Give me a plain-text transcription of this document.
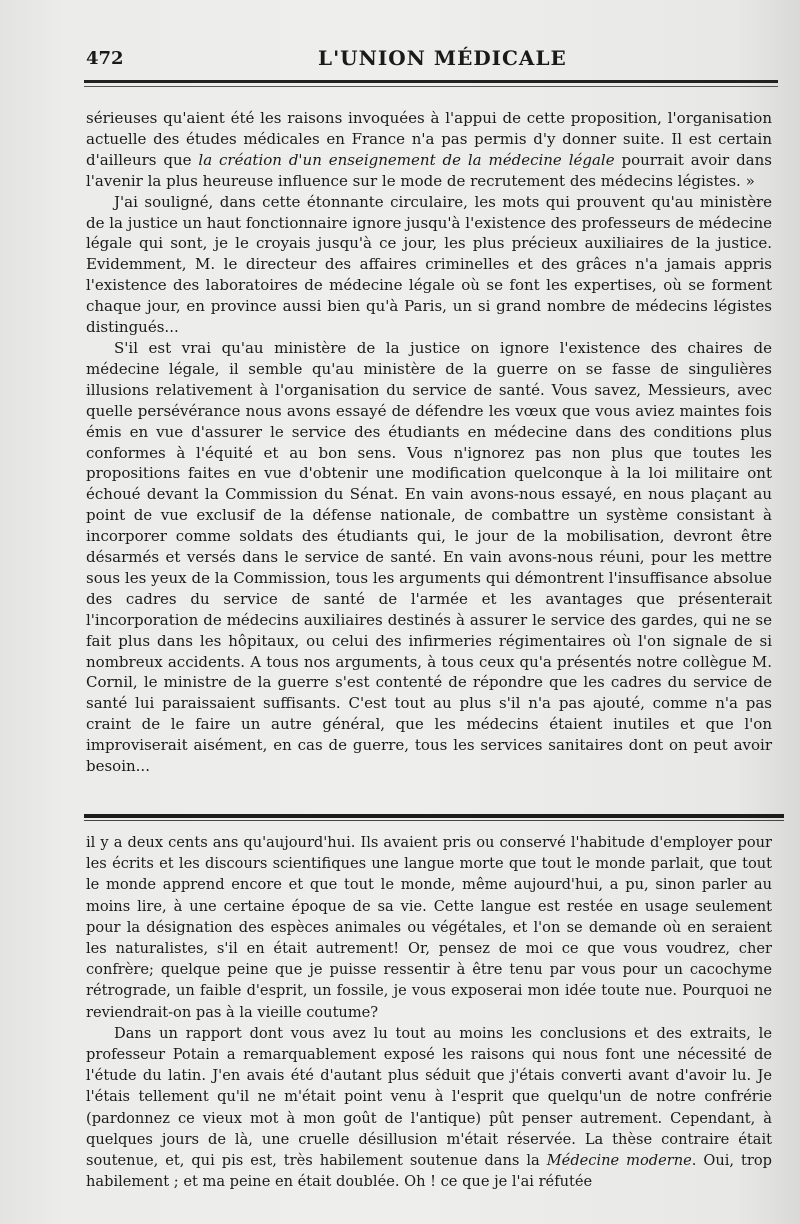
472	L'UNION MÉDICALE

sérieuses qu'aient été les raisons invoquées à l'appui de cette proposition, l'organisation actuelle des études médicales en France n'a pas permis d'y donner suite. Il est certain d'ailleurs que la création d'un enseignement de la médecine légale pourrait avoir dans l'avenir la plus heureuse influence sur le mode de recrutement des médecins légistes. »

J'ai souligné, dans cette étonnante circulaire, les mots qui prouvent qu'au ministère de la justice un haut fonctionnaire ignore jusqu'à l'existence des professeurs de médecine légale qui sont, je le croyais jusqu'à ce jour, les plus précieux auxiliaires de la justice. Evidemment, M. le directeur des affaires criminelles et des grâces n'a jamais appris l'existence des laboratoires de médecine légale où se font les expertises, où se forment chaque jour, en province aussi bien qu'à Paris, un si grand nombre de médecins légistes distingués...

S'il est vrai qu'au ministère de la justice on ignore l'existence des chaires de médecine légale, il semble qu'au ministère de la guerre on se fasse de singulières illusions relativement à l'organisation du service de santé. Vous savez, Messieurs, avec quelle persévérance nous avons essayé de défendre les vœux que vous aviez maintes fois émis en vue d'assurer le service des étudiants en médecine dans des conditions plus conformes à l'équité et au bon sens. Vous n'ignorez pas non plus que toutes les propositions faites en vue d'obtenir une modification quelconque à la loi militaire ont échoué devant la Commission du Sénat. En vain avons-nous essayé, en nous plaçant au point de vue exclusif de la défense nationale, de combattre un système consistant à incorporer comme soldats des étudiants qui, le jour de la mobilisation, devront être désarmés et versés dans le service de santé. En vain avons-nous réuni, pour les mettre sous les yeux de la Commission, tous les arguments qui démontrent l'insuffisance absolue des cadres du service de santé de l'armée et les avantages que présenterait l'incorporation de médecins auxiliaires destinés à assurer le service des gardes, qui ne se fait plus dans les hôpitaux, ou celui des infirmeries régimentaires où l'on signale de si nombreux accidents. A tous nos arguments, à tous ceux qu'a présentés notre collègue M. Cornil, le ministre de la guerre s'est contenté de répondre que les cadres du service de santé lui paraissaient suffisants. C'est tout au plus s'il n'a pas ajouté, comme n'a pas craint de le faire un autre général, que les médecins étaient inutiles et que l'on improviserait aisément, en cas de guerre, tous les services sanitaires dont on peut avoir besoin...

il y a deux cents ans qu'aujourd'hui. Ils avaient pris ou conservé l'habitude d'employer pour les écrits et les discours scientifiques une langue morte que tout le monde parlait, que tout le monde apprend encore et que tout le monde, même aujourd'hui, a pu, sinon parler au moins lire, à une certaine époque de sa vie. Cette langue est restée en usage seulement pour la désignation des espèces animales ou végétales, et l'on se demande où en seraient les naturalistes, s'il en était autrement! Or, pensez de moi ce que vous voudrez, cher confrère; quelque peine que je puisse ressentir à être tenu par vous pour un cacochyme rétrograde, un faible d'esprit, un fossile, je vous exposerai mon idée toute nue. Pourquoi ne reviendrait-on pas à la vieille coutume?

Dans un rapport dont vous avez lu tout au moins les conclusions et des extraits, le professeur Potain a remarquablement exposé les raisons qui nous font une nécessité de l'étude du latin. J'en avais été d'autant plus séduit que j'étais converti avant d'avoir lu. Je l'étais tellement qu'il ne m'était point venu à l'esprit que quelqu'un de notre confrérie (pardonnez ce vieux mot à mon goût de l'antique) pût penser autrement. Cependant, à quelques jours de là, une cruelle désillusion m'était réservée. La thèse contraire était soutenue, et, qui pis est, très habilement soutenue dans la Médecine moderne. Oui, trop habilement ; et ma peine en était doublée. Oh ! ce que je l'ai réfutée
